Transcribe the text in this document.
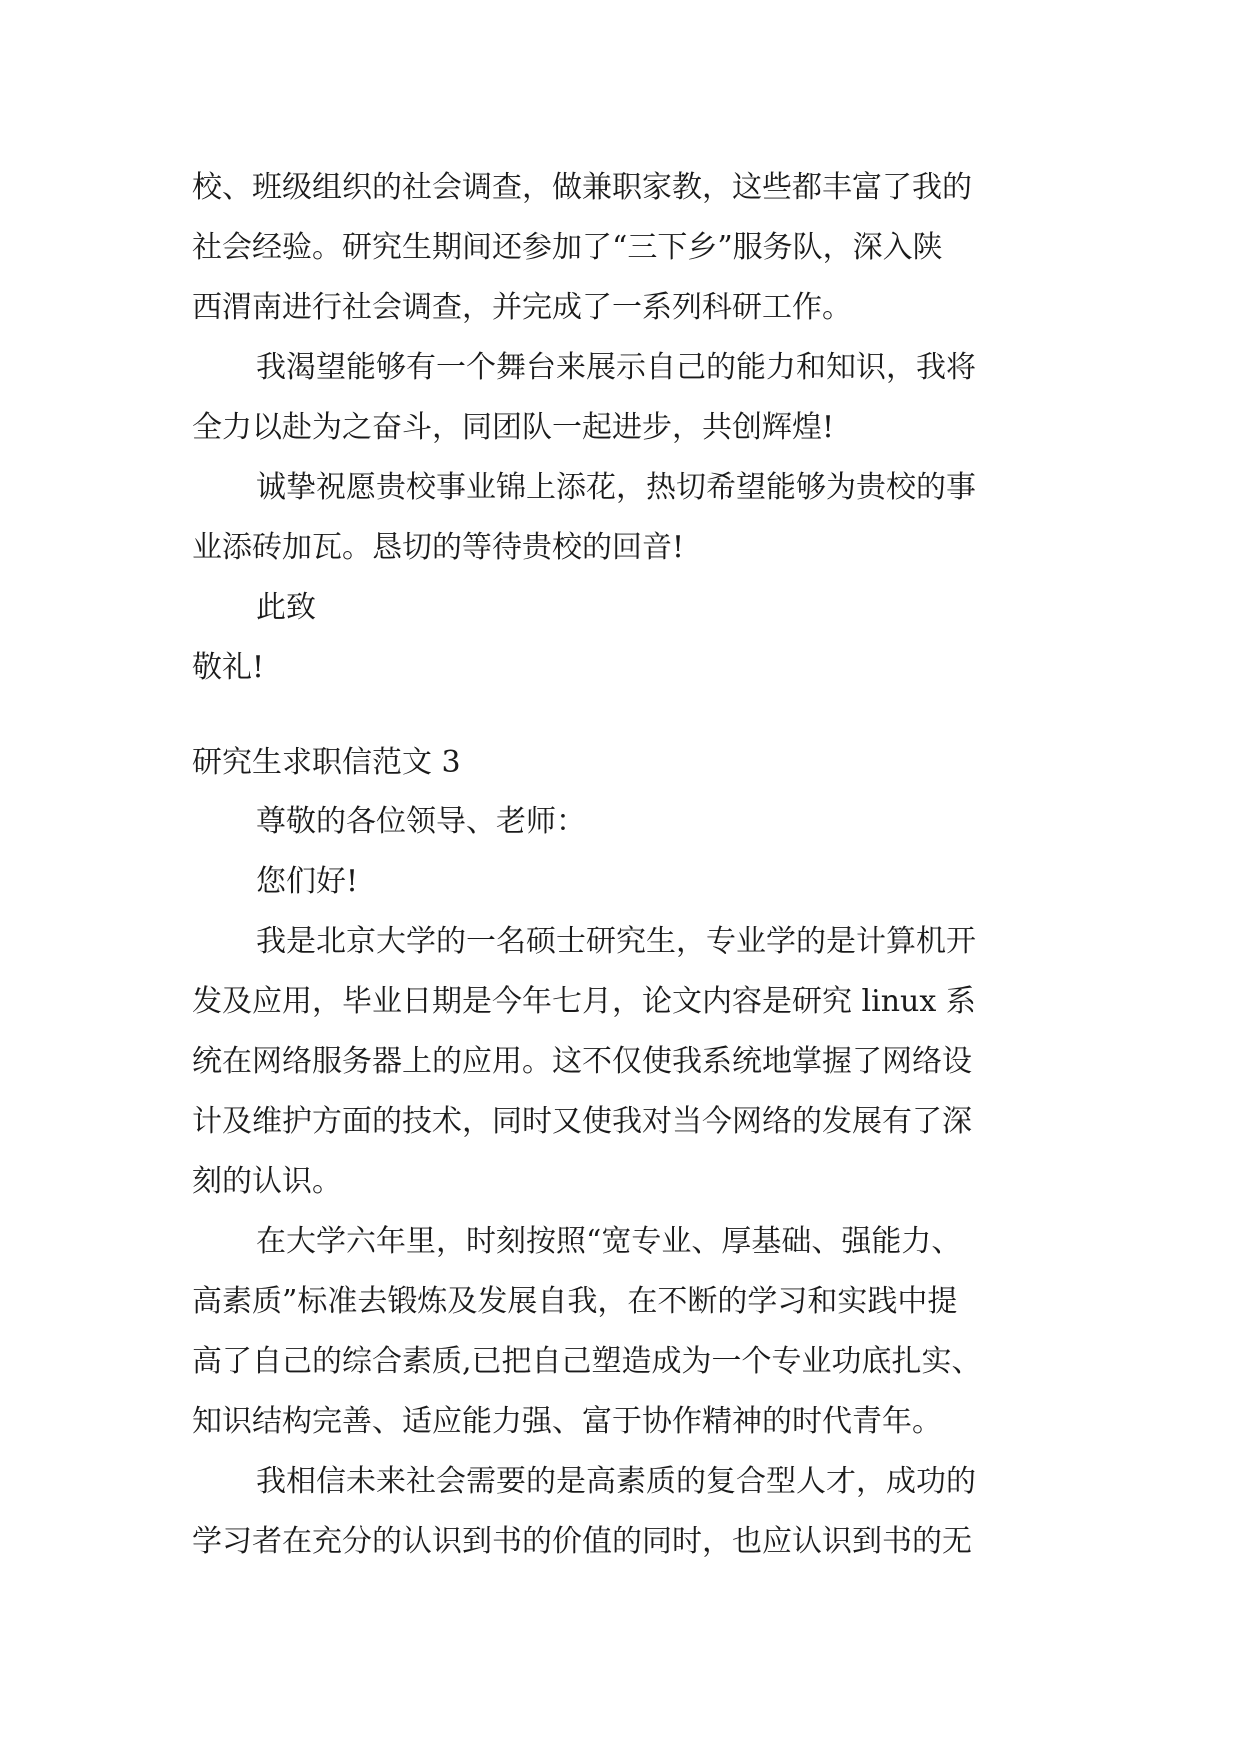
校、班级组织的社会调查，做兼职家教，这些都丰富了我的
社会经验。研究生期间还参加了“三下乡”服务队，深入陕
西渭南进行社会调查，并完成了一系列科研工作。
我渴望能够有一个舞台来展示自己的能力和知识，我将
全力以赴为之奋斗，同团队一起进步，共创辉煌!
诚挚祝愿贵校事业锦上添花，热切希望能够为贵校的事
业添砖加瓦。恳切的等待贵校的回音!
此致
敬礼!
研究生求职信范文 3
尊敬的各位领导、老师：
您们好!
我是北京大学的一名硕士研究生，专业学的是计算机开
发及应用，毕业日期是今年七月，论文内容是研究 linux 系
统在网络服务器上的应用。这不仅使我系统地掌握了网络设
计及维护方面的技术，同时又使我对当今网络的发展有了深
刻的认识。
在大学六年里，时刻按照“宽专业、厚基础、强能力、
高素质”标准去锻炼及发展自我，在不断的学习和实践中提
高了自己的综合素质,已把自己塑造成为一个专业功底扎实、
知识结构完善、适应能力强、富于协作精神的时代青年。
我相信未来社会需要的是高素质的复合型人才，成功的
学习者在充分的认识到书的价值的同时，也应认识到书的无
